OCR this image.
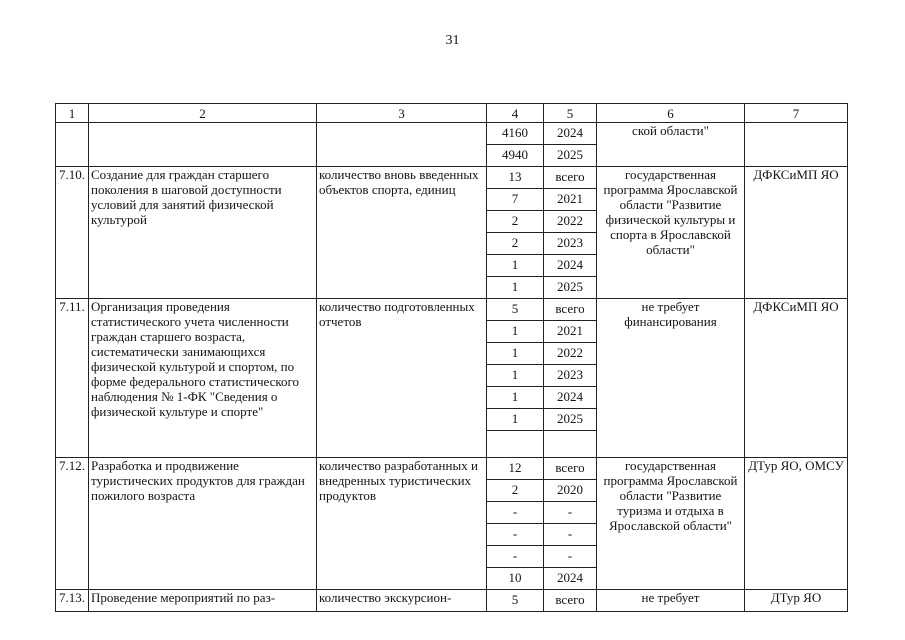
31
1	2	3	4	5	6	7
			4160	2024	ской области"	
			4940	2025		
7.10.	Создание для граждан старшего поколения в шаговой доступности условий для занятий физической культурой	количество вновь введенных объектов спорта, единиц	13	всего	государственная программа Ярославской области "Развитие физической культуры и спорта в Ярославской области"	ДФКСиМП ЯО
			7	2021		
			2	2022		
			2	2023		
			1	2024		
			1	2025		
7.11.	Организация проведения статистического учета численности граждан старшего возраста, систематически занимающихся физической культурой и спортом, по форме федерального статистического наблюдения № 1-ФК "Сведения о физической культуре и спорте"	количество подготовленных отчетов	5	всего	не требует финансирования	ДФКСиМП ЯО
			1	2021		
			1	2022		
			1	2023		
			1	2024		
			1	2025		

7.12.	Разработка и продвижение туристических продуктов для граждан пожилого возраста	количество разработанных и внедренных туристических продуктов	12	всего	государственная программа Ярославской области "Развитие туризма и отдыха в Ярославской области"	ДТур ЯО, ОМСУ
			2	2020		
			-	-		
			-	-		
			-	-		
			10	2024		
7.13.	Проведение мероприятий по раз-	количество экскурсион-	5	всего	не требует	ДТур ЯО
